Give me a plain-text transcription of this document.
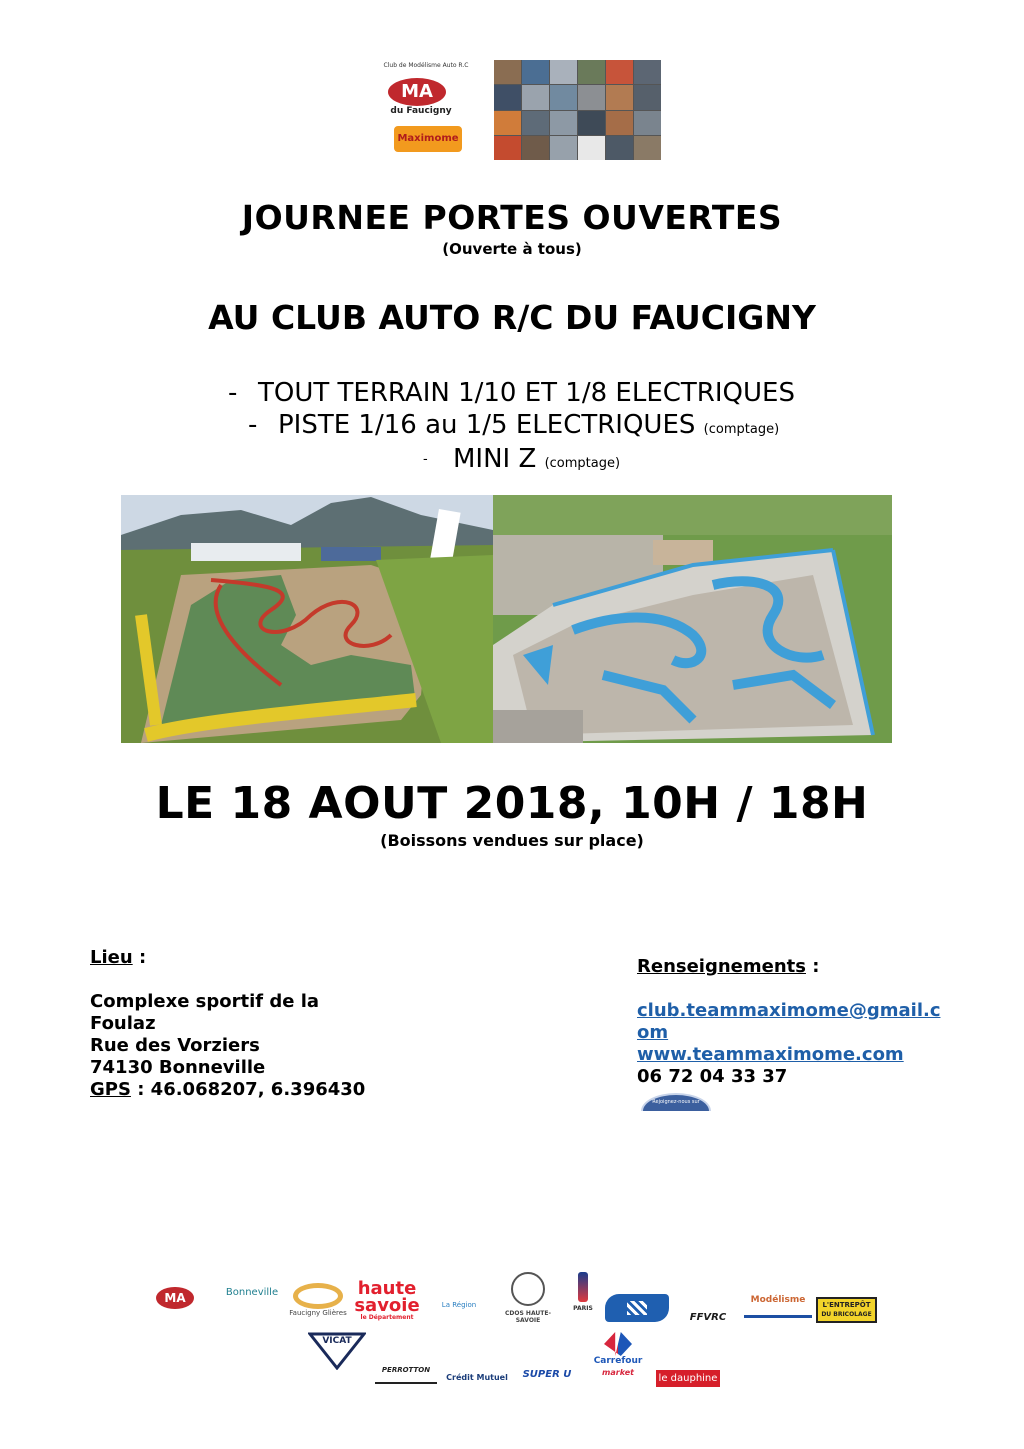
Club de Modélisme Auto R.C
MA
du Faucigny
Maximome
JOURNEE PORTES OUVERTES
(Ouverte à tous)
AU CLUB AUTO R/C DU FAUCIGNY
- TOUT TERRAIN 1/10 ET 1/8 ELECTRIQUES
- PISTE 1/16 au 1/5 ELECTRIQUES (comptage)
- MINI Z (comptage)
LE 18 AOUT 2018, 10H / 18H
(Boissons vendues sur place)
Lieu :
Complexe sportif de la
Foulaz
Rue des Vorziers
74130 Bonneville
GPS : 46.068207, 6.396430
Renseignements :
club.teammaximome@gmail.com
www.teammaximome.com
06 72 04 33 37
Rejoignez-nous sur
MA	Bonneville
Faucigny Glières
haute
savoie
le Département
La Région
CDOS HAUTE-SAVOIE
PARIS
FFVRC
Modélisme	L'ENTREPÔT
DU BRICOLAGE
VICAT
PERROTTON
Crédit Mutuel	SUPER U
Carrefour
market
le dauphine
